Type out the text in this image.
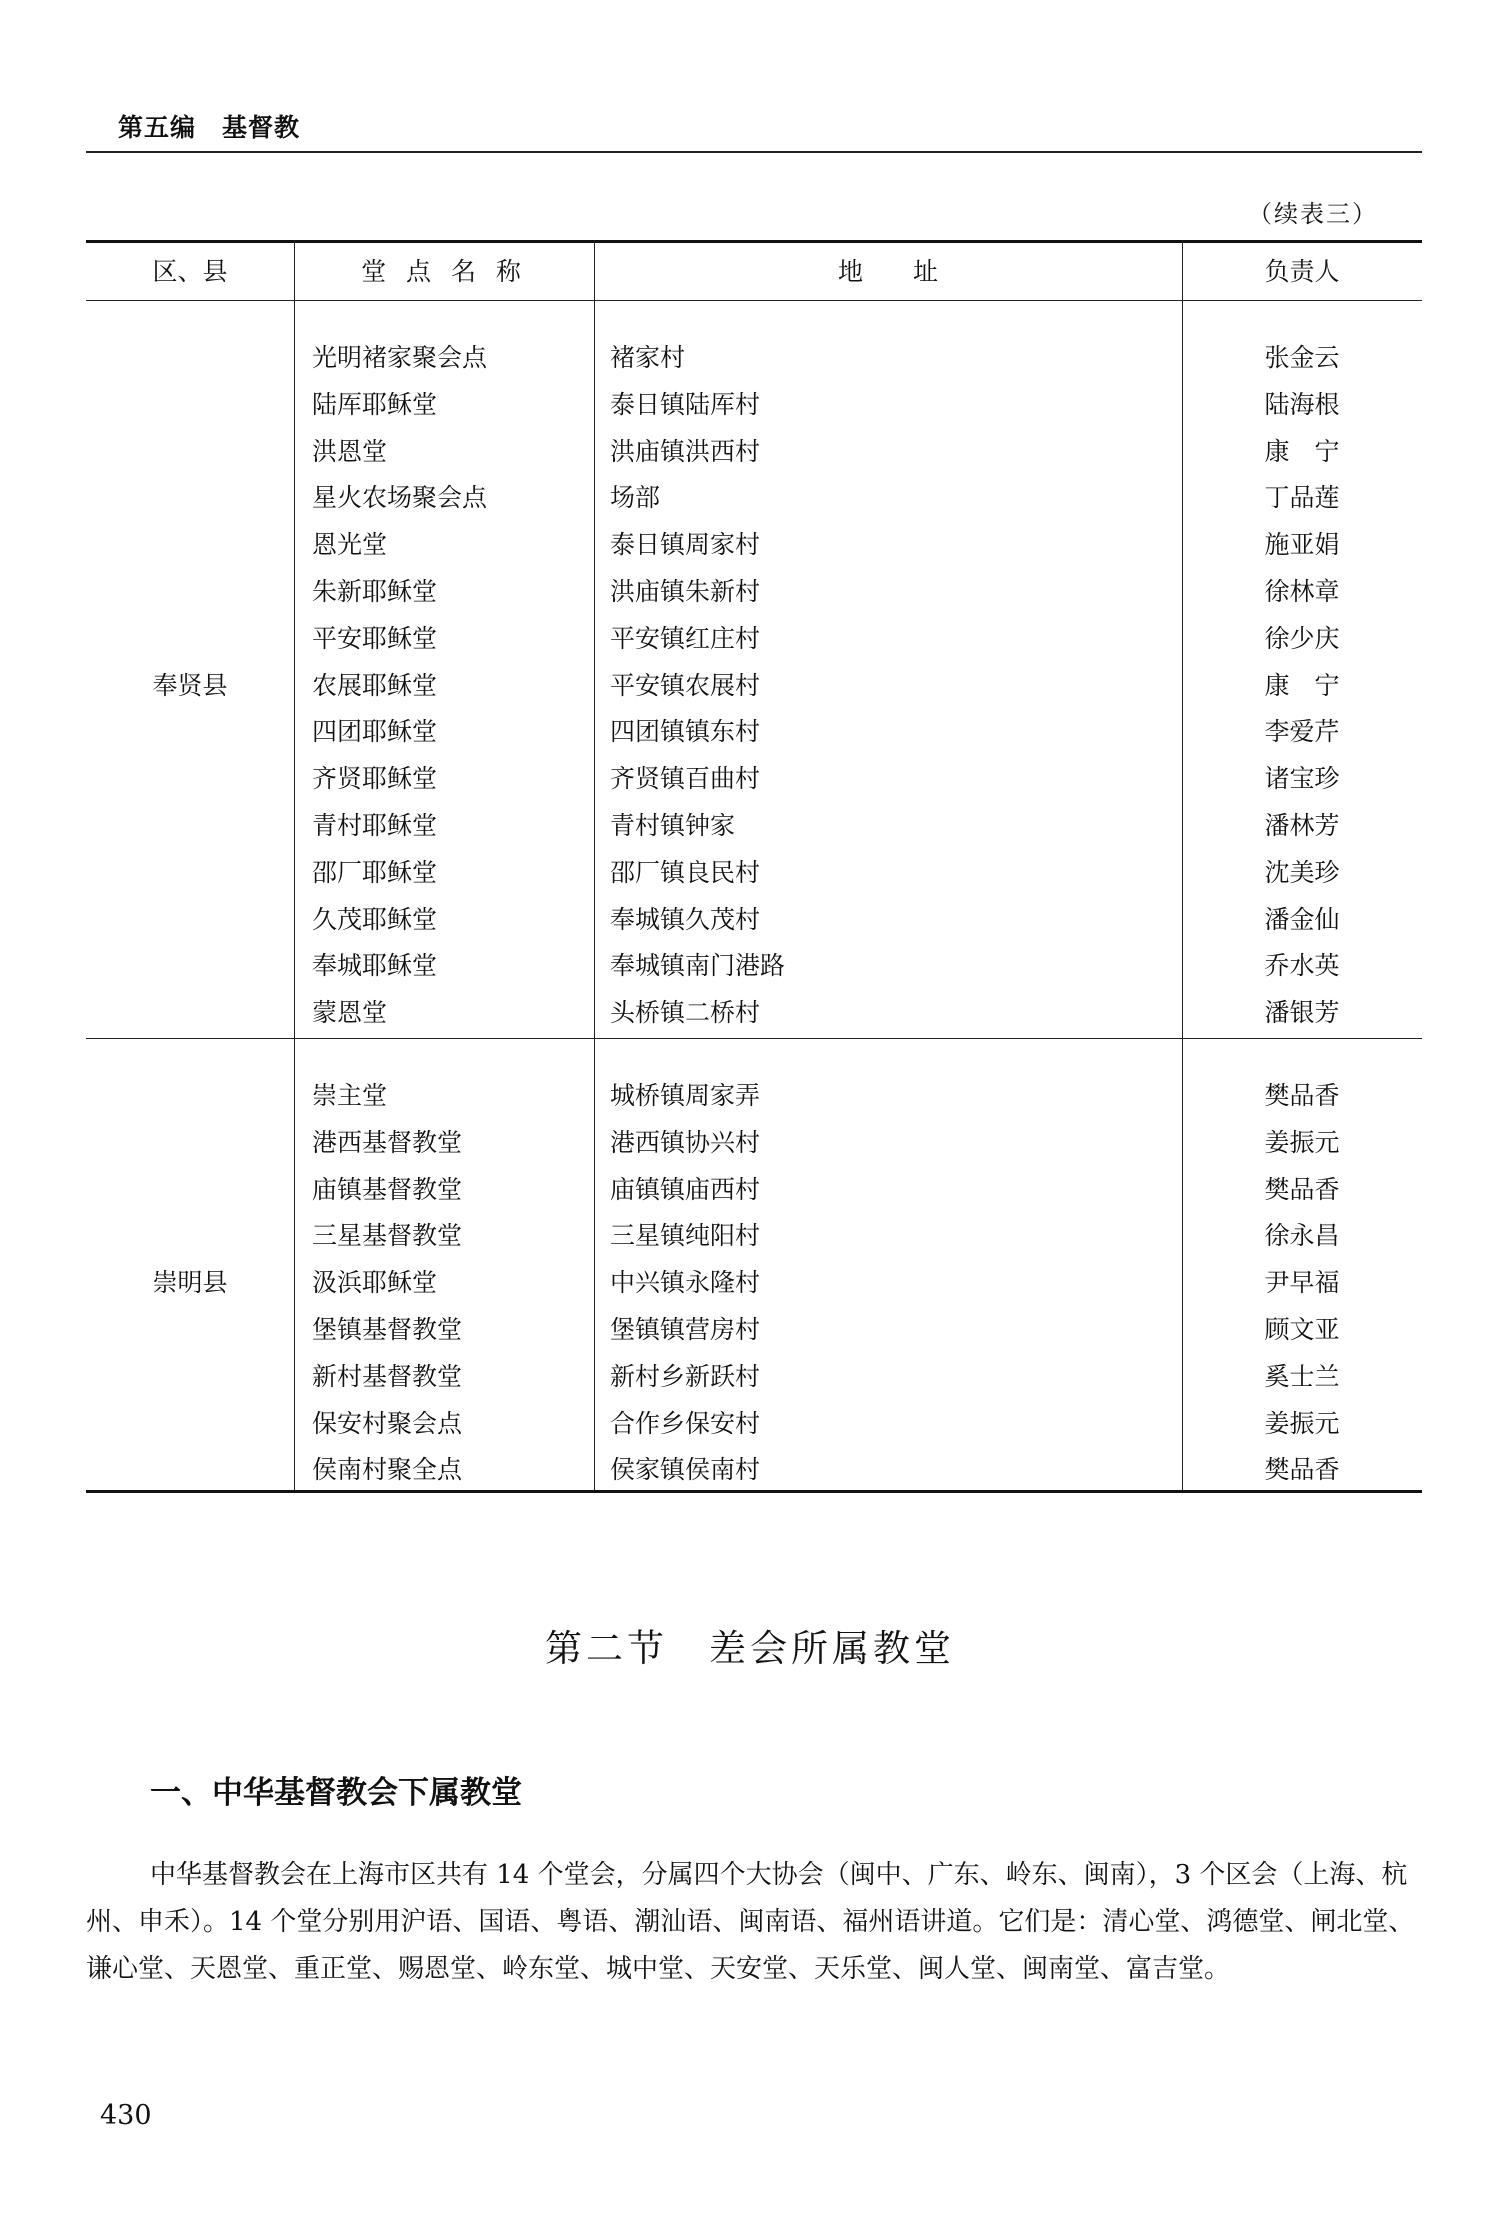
第五编 基督教
（续表三）
区、县	堂 点 名 称	地　　址	负责人
光明褚家聚会点	褚家村	张金云
陆厍耶稣堂	泰日镇陆厍村	陆海根
洪恩堂	洪庙镇洪西村	康　宁
星火农场聚会点	场部	丁品莲
恩光堂	泰日镇周家村	施亚娟
朱新耶稣堂	洪庙镇朱新村	徐林章
平安耶稣堂	平安镇红庄村	徐少庆
农展耶稣堂	平安镇农展村	康　宁
四团耶稣堂	四团镇镇东村	李爱芹
齐贤耶稣堂	齐贤镇百曲村	诸宝珍
青村耶稣堂	青村镇钟家	潘林芳
邵厂耶稣堂	邵厂镇良民村	沈美珍
久茂耶稣堂	奉城镇久茂村	潘金仙
奉城耶稣堂	奉城镇南门港路	乔水英
蒙恩堂	头桥镇二桥村	潘银芳
奉贤县
崇主堂	城桥镇周家弄	樊品香
港西基督教堂	港西镇协兴村	姜振元
庙镇基督教堂	庙镇镇庙西村	樊品香
三星基督教堂	三星镇纯阳村	徐永昌
汲浜耶稣堂	中兴镇永隆村	尹早福
堡镇基督教堂	堡镇镇营房村	顾文亚
新村基督教堂	新村乡新跃村	奚士兰
保安村聚会点	合作乡保安村	姜振元
侯南村聚全点	侯家镇侯南村	樊品香
崇明县
第二节　差会所属教堂
一、中华基督教会下属教堂
中华基督教会在上海市区共有 14 个堂会，分属四个大协会（闽中、广东、岭东、闽南），3 个区会（上海、杭州、申禾）。14 个堂分别用沪语、国语、粤语、潮汕语、闽南语、福州语讲道。它们是：清心堂、鸿德堂、闸北堂、谦心堂、天恩堂、重正堂、赐恩堂、岭东堂、城中堂、天安堂、天乐堂、闽人堂、闽南堂、富吉堂。
430
